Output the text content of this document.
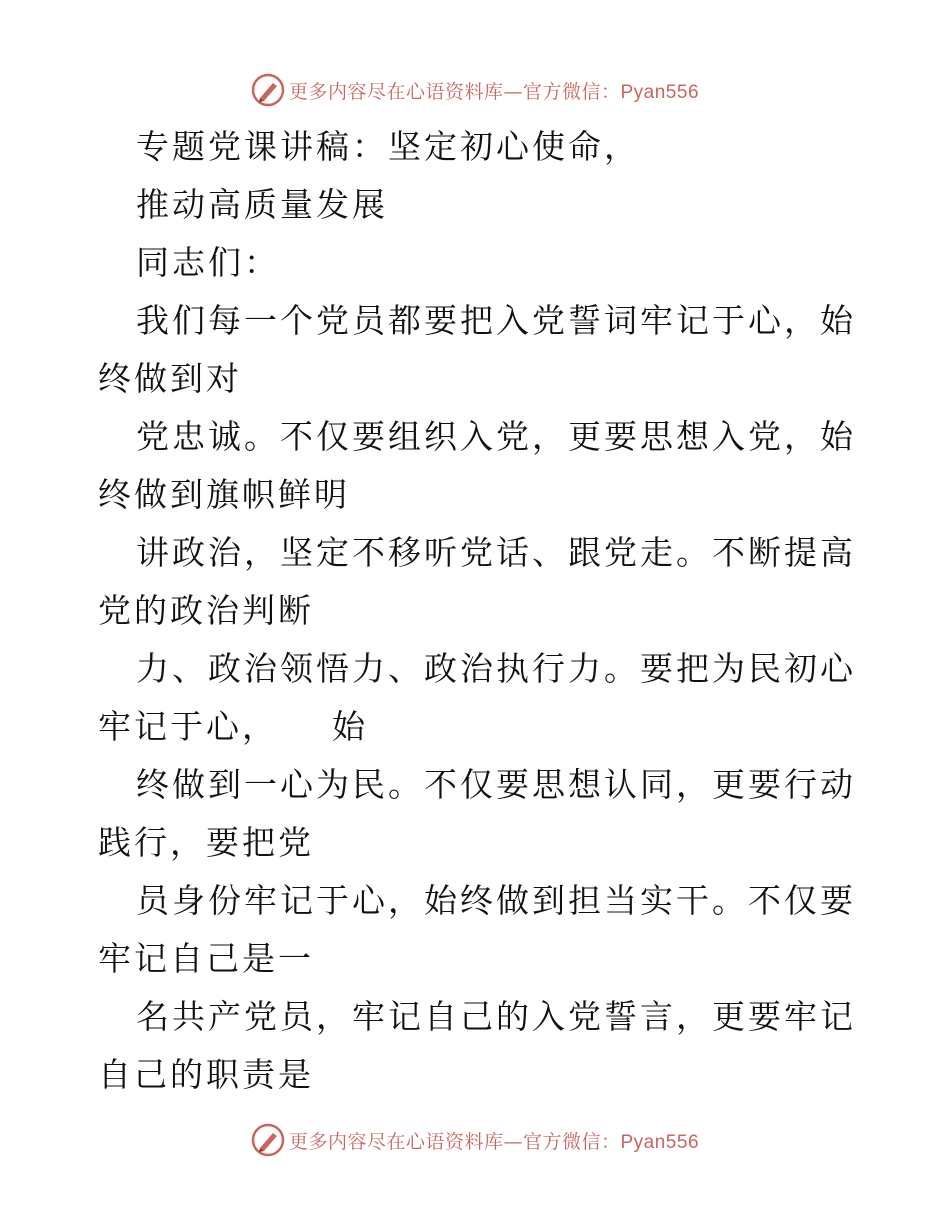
更多内容尽在心语资料库—官方微信：Pyan556

专题党课讲稿：坚定初心使命，

推动高质量发展

同志们：

我们每一个党员都要把入党誓词牢记于心，始终做到对

党忠诚。不仅要组织入党，更要思想入党，始终做到旗帜鲜明

讲政治，坚定不移听党话、跟党走。不断提高党的政治判断

力、政治领悟力、政治执行力。要把为民初心牢记于心，    始

终做到一心为民。不仅要思想认同，更要行动践行，要把党

员身份牢记于心，始终做到担当实干。不仅要牢记自己是一

名共产党员，牢记自己的入党誓言，更要牢记自己的职责是

更多内容尽在心语资料库—官方微信：Pyan556
